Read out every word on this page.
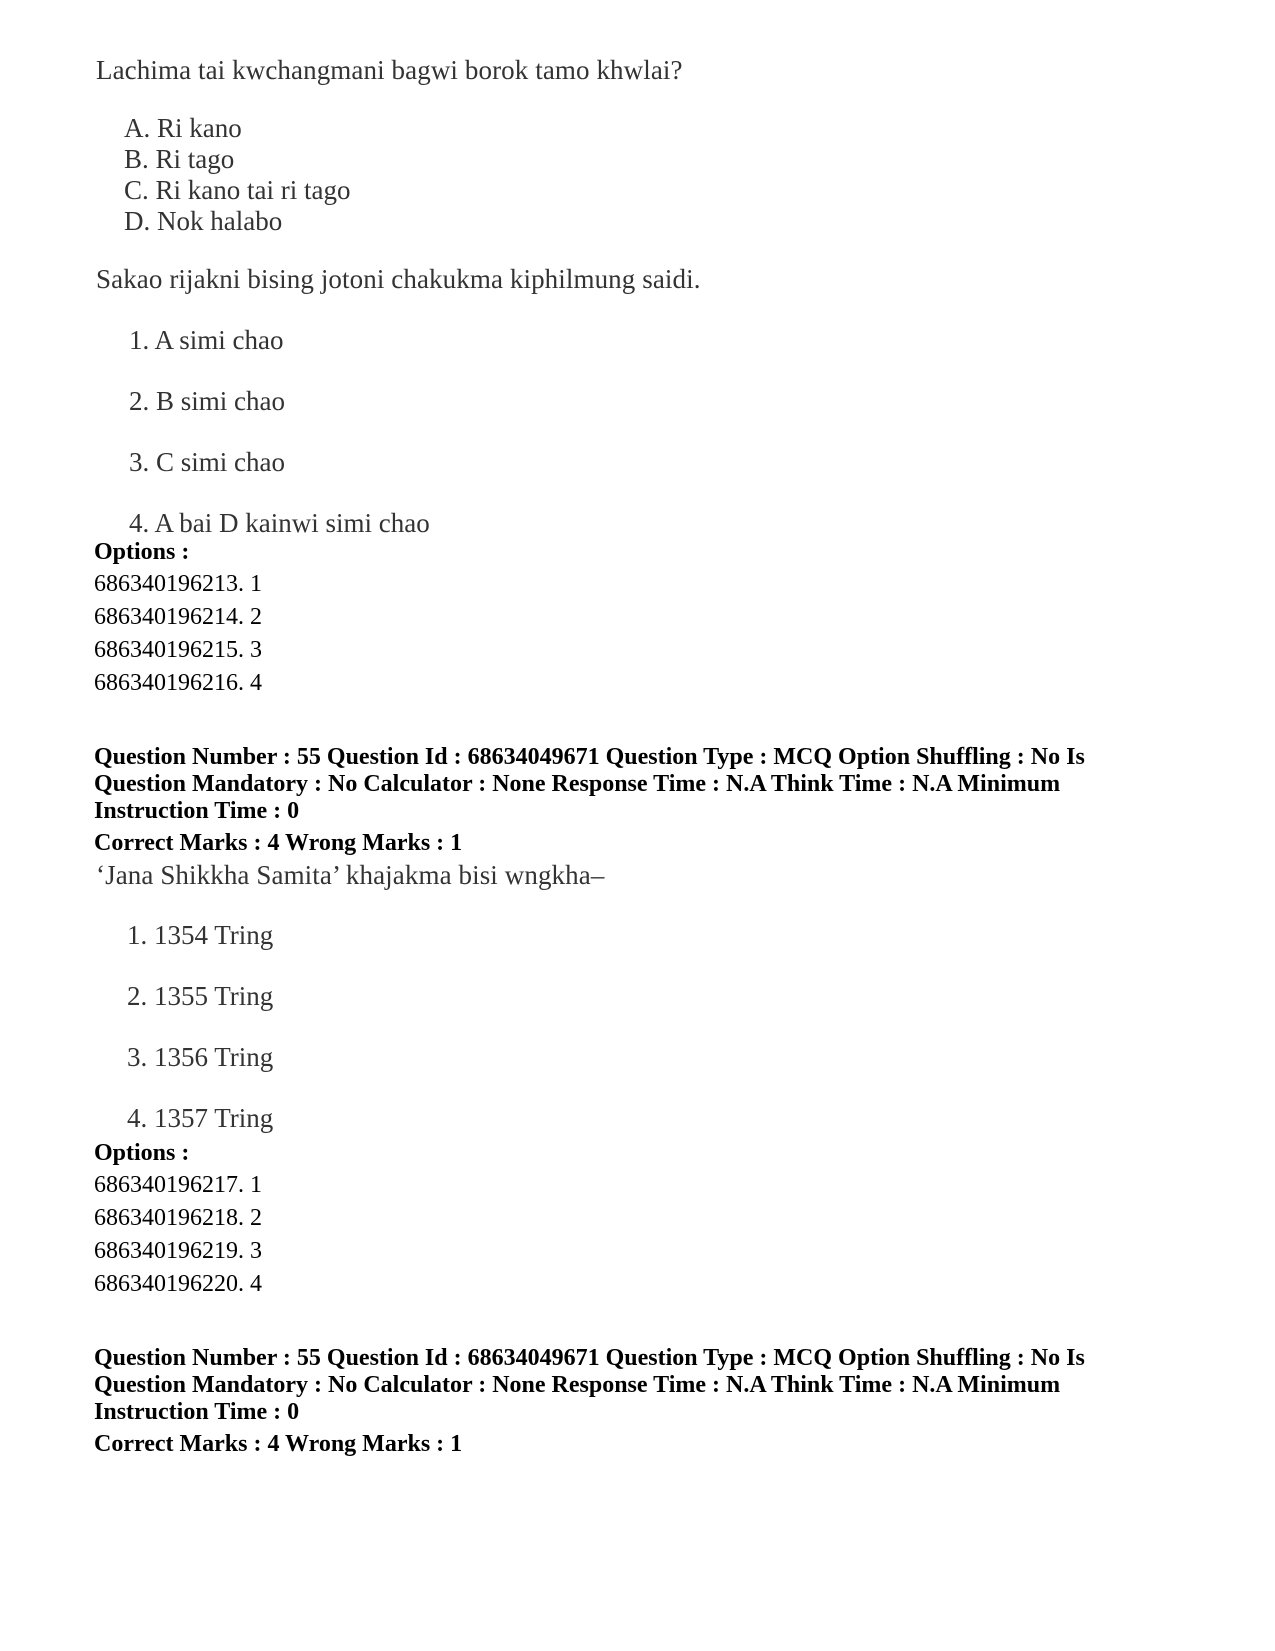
Lachima tai kwchangmani bagwi borok tamo khwlai?
A. Ri kano
B. Ri tago
C. Ri kano tai ri tago
D. Nok halabo
Sakao rijakni bising jotoni chakukma kiphilmung saidi.
1. A simi chao
2. B simi chao
3. C simi chao
4. A bai D kainwi simi chao
Options :
686340196213. 1
686340196214. 2
686340196215. 3
686340196216. 4
Question Number : 55 Question Id : 68634049671 Question Type : MCQ Option Shuffling : No Is
Question Mandatory : No Calculator : None Response Time : N.A Think Time : N.A Minimum
Instruction Time : 0
Correct Marks : 4 Wrong Marks : 1
‘Jana Shikkha Samita’ khajakma bisi wngkha–
1. 1354 Tring
2. 1355 Tring
3. 1356 Tring
4. 1357 Tring
Options :
686340196217. 1
686340196218. 2
686340196219. 3
686340196220. 4
Question Number : 55 Question Id : 68634049671 Question Type : MCQ Option Shuffling : No Is
Question Mandatory : No Calculator : None Response Time : N.A Think Time : N.A Minimum
Instruction Time : 0
Correct Marks : 4 Wrong Marks : 1
